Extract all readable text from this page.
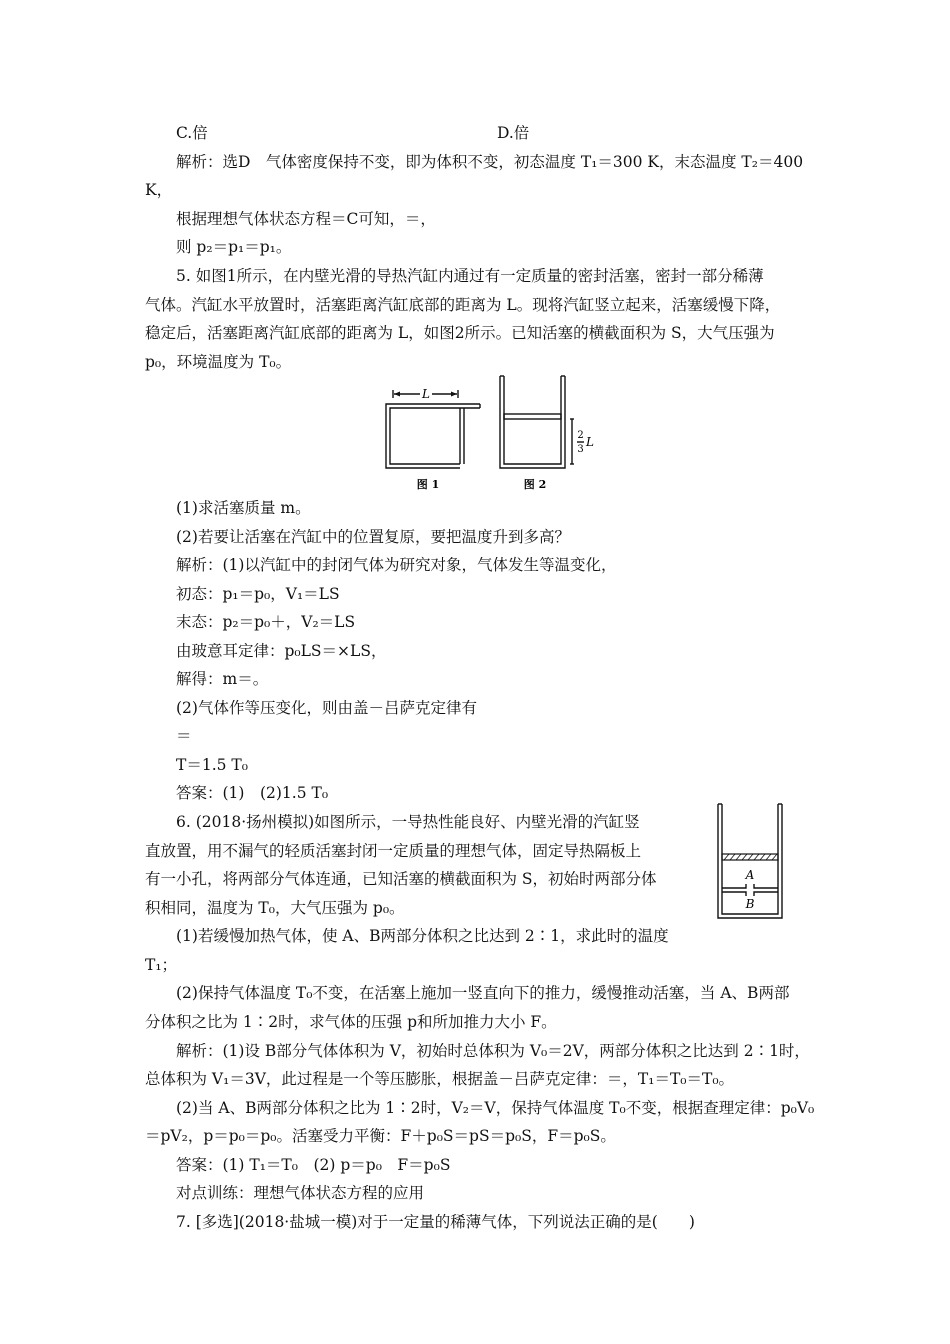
C.倍	D.倍
解析：选D　气体密度保持不变，即为体积不变，初态温度 T₁＝300 K，末态温度 T₂＝400
K，
根据理想气体状态方程＝C可知，＝，
则 p₂＝p₁＝p₁。
5. 如图1所示，在内壁光滑的导热汽缸内通过有一定质量的密封活塞，密封一部分稀薄
气体。汽缸水平放置时，活塞距离汽缸底部的距离为 L。现将汽缸竖立起来，活塞缓慢下降，
稳定后，活塞距离汽缸底部的距离为 L，如图2所示。已知活塞的横截面积为 S，大气压强为
p₀，环境温度为 T₀。
L
2
3
L
图 1	图 2
(1)求活塞质量 m。
(2)若要让活塞在汽缸中的位置复原，要把温度升到多高？
解析：(1)以汽缸中的封闭气体为研究对象，气体发生等温变化，
初态：p₁＝p₀，V₁＝LS
末态：p₂＝p₀＋，V₂＝LS
由玻意耳定律：p₀LS＝×LS，
解得：m＝。
(2)气体作等压变化，则由盖－吕萨克定律有
＝
T＝1.5 T₀
答案：(1)　(2)1.5 T₀
6. (2018·扬州模拟)如图所示，一导热性能良好、内壁光滑的汽缸竖
直放置，用不漏气的轻质活塞封闭一定质量的理想气体，固定导热隔板上
有一小孔，将两部分气体连通，已知活塞的横截面积为 S，初始时两部分体
积相同，温度为 T₀，大气压强为 p₀。
(1)若缓慢加热气体，使 A、B两部分体积之比达到 2∶1，求此时的温度
T₁；
(2)保持气体温度 T₀不变，在活塞上施加一竖直向下的推力，缓慢推动活塞，当 A、B两部
分体积之比为 1∶2时，求气体的压强 p和所加推力大小 F。
A
B
解析：(1)设 B部分气体体积为 V，初始时总体积为 V₀＝2V，两部分体积之比达到 2∶1时，
总体积为 V₁＝3V，此过程是一个等压膨胀，根据盖－吕萨克定律：＝，T₁＝T₀＝T₀。
(2)当 A、B两部分体积之比为 1∶2时，V₂＝V，保持气体温度 T₀不变，根据查理定律：p₀V₀
＝pV₂，p＝p₀＝p₀。活塞受力平衡：F＋p₀S＝pS＝p₀S，F＝p₀S。
答案：(1) T₁＝T₀　(2) p＝p₀　F＝p₀S
对点训练：理想气体状态方程的应用
7. [多选](2018·盐城一模)对于一定量的稀薄气体，下列说法正确的是(　　)
